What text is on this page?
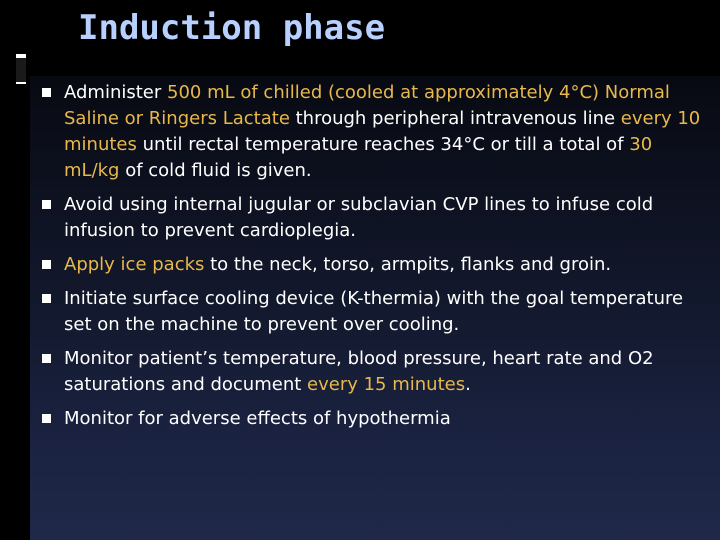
Induction phase
Administer 500 mL of chilled (cooled at approximately 4°C) Normal Saline or Ringers Lactate through peripheral intravenous line every 10 minutes until rectal temperature reaches 34°C or till a total of 30 mL/kg of cold fluid is given.
Avoid using internal jugular or subclavian CVP lines to infuse cold infusion to prevent cardioplegia.
Apply ice packs to the neck, torso, armpits, flanks and groin.
Initiate surface cooling device (K-thermia) with the goal temperature set on the machine to prevent over cooling.
Monitor patient’s temperature, blood pressure, heart rate and O2 saturations and document every 15 minutes.
Monitor for adverse effects of hypothermia
